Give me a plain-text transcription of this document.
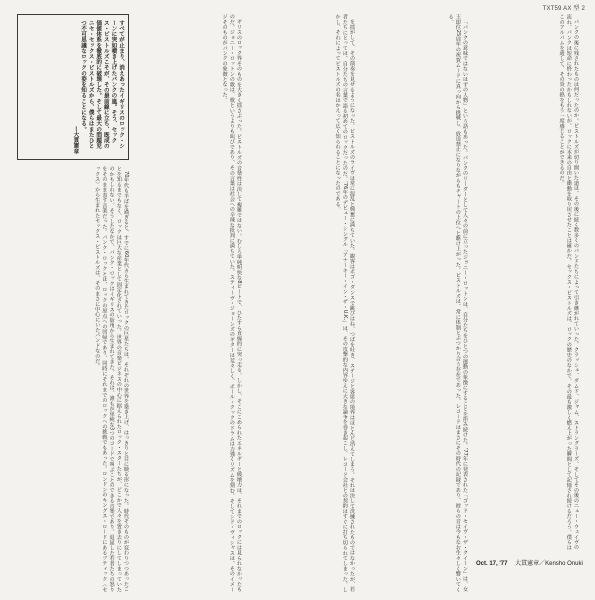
TXT59 AX 型 2
すべてが止まり、消えあったイギリスのロック・シーンに突如噴き上げたパンクの嵐。そう、セックス・ピストルズこそが、その最前線に立ち、既成の価値体系を徹底的に破壊した。そして最大の問題児ニセ・セックス・ピストルズから、僕らはまたひとつ不可思議なロックの姿を知ることになる。
—大貫憲章

70年代も半ばを過ぎると、すでに60年代カら生まれてきたロックの巨星たちは、それぞれの世界を築き上げ、はっきりと目に映る形になった。時代そのものが変わりつつあったことを知るまでもなく、ロックは巨大な産業として固定化されていった。世界の音楽ビジネスの中心に据えられたロック・スターたちが、どこかで人々を置き去りにしてしまっていたのかもしれない。そうしたなかで、パンク・ロックはイギリスの街角から生まれてきた。それは、誰もが単純な3つのコードで叫ぶことのできる音楽であり、退屈した若者たちの怒りをそのまま表す音楽だった。パンク・ロックとは、ロックの原点への回帰であり、同時にそれまでのロックへの挑戦でもあった。ロンドンのキングス・ロードにあるブティック〈セックス〉から生まれたセックス・ピストルズは、そのまさに中心にいたバンドなのだ。	ギリスのロック界そのものを大きく揺さぶった。ピストルズの音楽性は決して複雑ではない。むしろ単純明快な8ビートで、ひたすら直線的に突っ走る。しかし、そこにこめられたエネルギーと破壊力は、それまでのロックには見られなかったものだ。ジョニー・ロットンの歌は、歌というよりも叫びであり、その言葉は社会への辛辣な批判に満ちていた。スティーヴ・ジョーンズのギターは荒々しく、ポール・クックのドラムは力強くリズムを刻む。そしてシド・ヴィシャスは、そのイメージそのものがパンクの象徴となった。	を揺がして、その演奏を見せるようになった。ピストルズのライヴは常に混乱と興奮に満ちていた。観客はポゴ・ダンスで跳びはね、つばを吐き、ステージと客席の境界はほとんど消えてしまう。それは決して洗練されたものではなかったが、若者たちにとっては、自分たちの言葉で語る初めてのロックだったのだ。'76年のデビュー・シングル「アナーキー・イン・ザ・U.K.」は、その攻撃的な内容ゆえに大きな論争を巻き起こし、レコード会社との契約はすぐに打ち切られてしまった。しかし、それによってピストルズの名はかえって広く知られることになったのである。	「パンクの意味ではないはずの人物」という話もあった。パンクのリーダーとして人々の前に立ったジョニー・ロットンは、自分たちをひとつの運動の象徴にすることを拒み続けた。'77年に発表された「ゴッド・セイヴ・ザ・クイーン」は、女王即位25周年の祝賀ムードに真っ向から挑戦し、放送禁止になりながらもチャートの上位へと駆け上がった。ピストルズは、常に体制とぶつかり合う存在であった。レコードはまさにその時代の記録であり、彼らの音は今もなお生々しく響いてくる。	パンクの後に残されたものは何だったのか。ピストルズが切り開いた道は、その後に続く数多くのバンドたちによって引き継がれていった。クラッシュ、ダムド、ジャム、ストラングラーズ、そしてその後のニュー・ウェイヴの流れ。パンクは短命に終わったかもしれないが、ロックに本来の自由と衝動を取り戻させたことは確かだ。セックス・ピストルズは、ロックの歴史のなかで、その最も激しく燃え上がった瞬間として記憶され続けるだろう。僕らはこのアルバムを通して、その炎の熱をもう一度感じることができるのだ。

Oct. 17, '77 大貫憲章／Kensho Onuki
